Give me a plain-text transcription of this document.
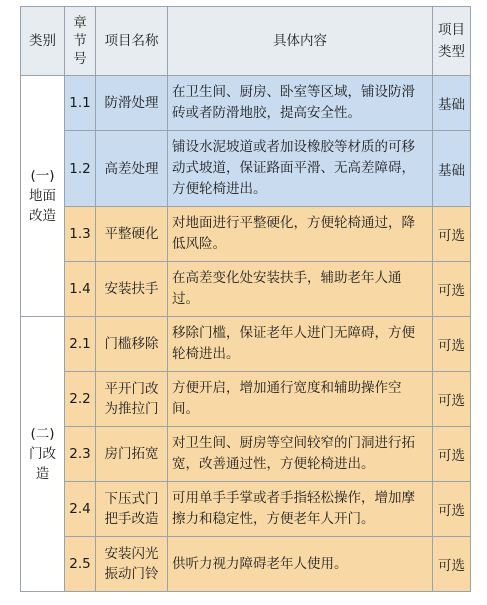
类别	章节号	项目名称	具体内容	项目类型

(一)
地面
改造	1.1	防滑处理	在卫生间、厨房、卧室等区域，铺设防滑砖或者防滑地胶，提高安全性。	基础
	1.2	高差处理	铺设水泥坡道或者加设橡胶等材质的可移动式坡道，保证路面平滑、无高差障碍，方便轮椅进出。	基础
	1.3	平整硬化	对地面进行平整硬化，方便轮椅通过，降低风险。	可选
	1.4	安装扶手	在高差变化处安装扶手，辅助老年人通过。	可选

(二)
门改
造	2.1	门槛移除	移除门槛，保证老年人进门无障碍，方便轮椅进出。	可选
	2.2	平开门改为推拉门	方便开启，增加通行宽度和辅助操作空间。	可选
	2.3	房门拓宽	对卫生间、厨房等空间较窄的门洞进行拓宽，改善通过性，方便轮椅进出。	可选
	2.4	下压式门把手改造	可用单手手掌或者手指轻松操作，增加摩擦力和稳定性，方便老年人开门。	可选
	2.5	安装闪光振动门铃	供听力视力障碍老年人使用。	可选
